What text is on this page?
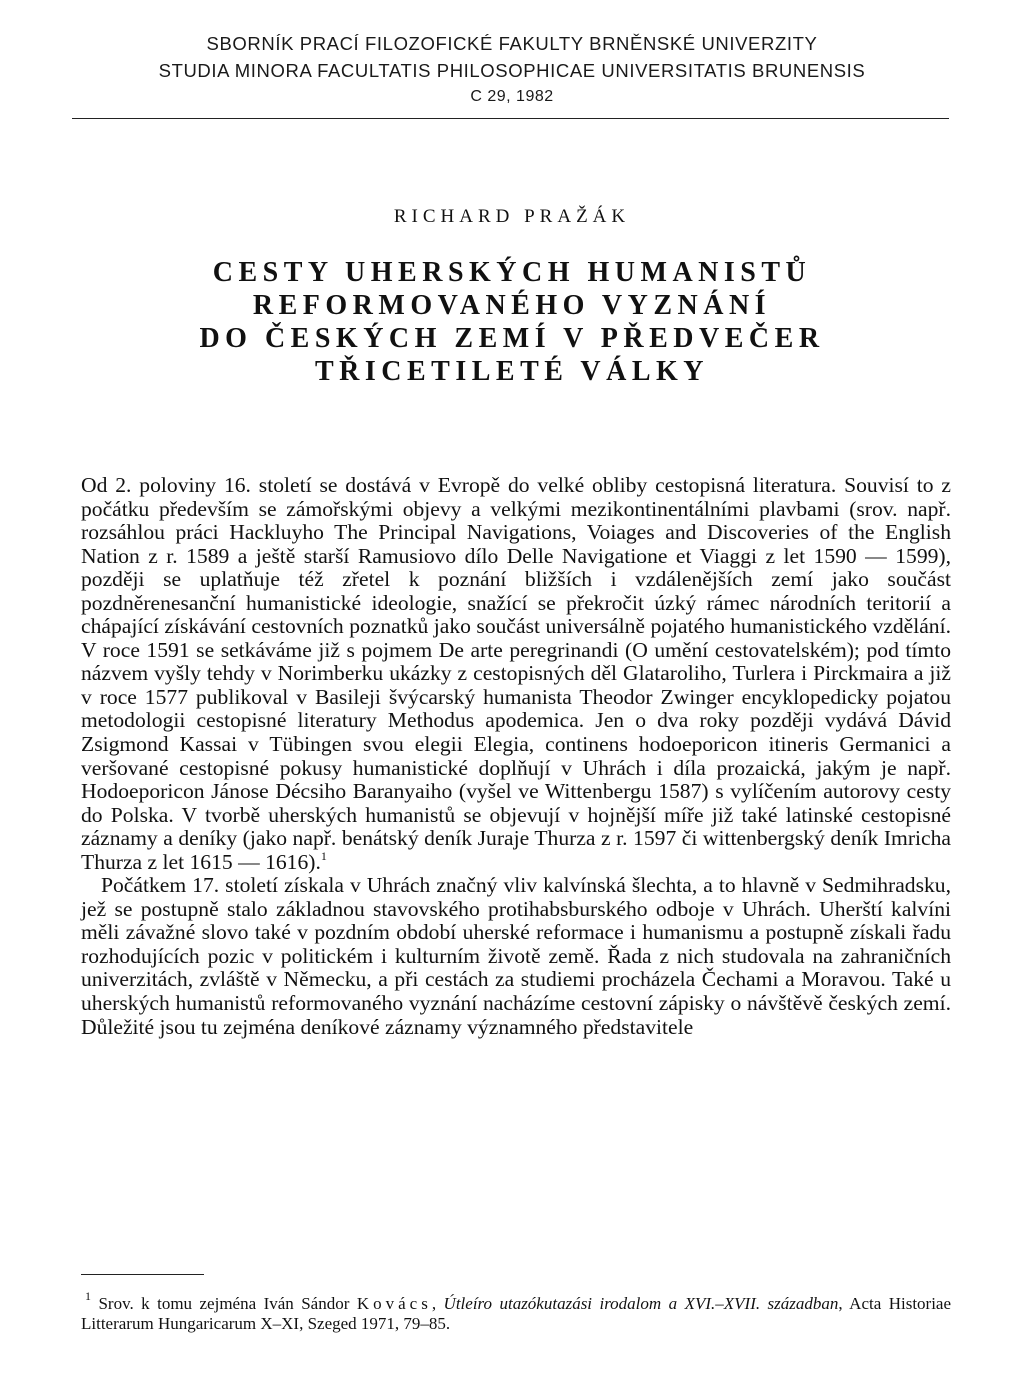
SBORNÍK PRACÍ FILOZOFICKÉ FAKULTY BRNĚNSKÉ UNIVERZITY
STUDIA MINORA FACULTATIS PHILOSOPHICAE UNIVERSITATIS BRUNENSIS
C 29, 1982
RICHARD PRAŽÁK
CESTY UHERSKÝCH HUMANISTŮ
REFORMOVANÉHO VYZNÁNÍ
DO ČESKÝCH ZEMÍ V PŘEDVEČER
TŘICETILETÉ VÁLKY

Od 2. poloviny 16. století se dostává v Evropě do velké obliby cestopisná literatura. Souvisí to z počátku především se zámořskými objevy a velkými mezikontinentálními plavbami (srov. např. rozsáhlou práci Hackluyho The Principal Navigations, Voiages and Discoveries of the English Nation z r. 1589 a ještě starší Ramusiovo dílo Delle Navigatione et Viaggi z let 1590 — 1599), později se uplatňuje též zřetel k poznání bližších i vzdálenějších zemí jako součást pozdněrenesanční humanistické ideologie, snažící se překročit úzký rámec národních teritorií a chápající získávání cestovních poznatků jako součást universálně pojatého humanistického vzdělání. V roce 1591 se setkáváme již s pojmem De arte peregrinandi (O umění cestovatelském); pod tímto názvem vyšly tehdy v Norimberku ukázky z cestopisných děl Glataroliho, Turlera i Pirckmaira a již v roce 1577 publikoval v Basileji švýcarský humanista Theodor Zwinger encyklopedicky pojatou metodologii cestopisné literatury Methodus apodemica. Jen o dva roky později vydává Dávid Zsigmond Kassai v Tübingen svou elegii Elegia, continens hodoeporicon itineris Germanici a veršované cestopisné pokusy humanistické doplňují v Uhrách i díla prozaická, jakým je např. Hodoeporicon Jánose Décsiho Baranyaiho (vyšel ve Wittenbergu 1587) s vylíčením autorovy cesty do Polska. V tvorbě uherských humanistů se objevují v hojnější míře již také latinské cestopisné záznamy a deníky (jako např. benátský deník Juraje Thurza z r. 1597 či wittenbergský deník Imricha Thurza z let 1615 — 1616).$^1$

Počátkem 17. století získala v Uhrách značný vliv kalvínská šlechta, a to hlavně v Sedmihradsku, jež se postupně stalo základnou stavovského protihabsburského odboje v Uhrách. Uherští kalvíni měli závažné slovo také v pozdním období uherské reformace i humanismu a postupně získali řadu rozhodujících pozic v politickém i kulturním životě země. Řada z nich studovala na zahraničních univerzitách, zvláště v Německu, a při cestách za studiemi procházela Čechami a Moravou. Také u uherských humanistů reformovaného vyznání nacházíme cestovní zápisky o návštěvě českých zemí. Důležité jsou tu zejména deníkové záznamy významného představitele

$^1$ Srov. k tomu zejména Iván Sándor Kovács, Útleíro utazókutazási irodalom a XVI.–XVII. században, Acta Historiae Litterarum Hungaricarum X–XI, Szeged 1971, 79–85.
